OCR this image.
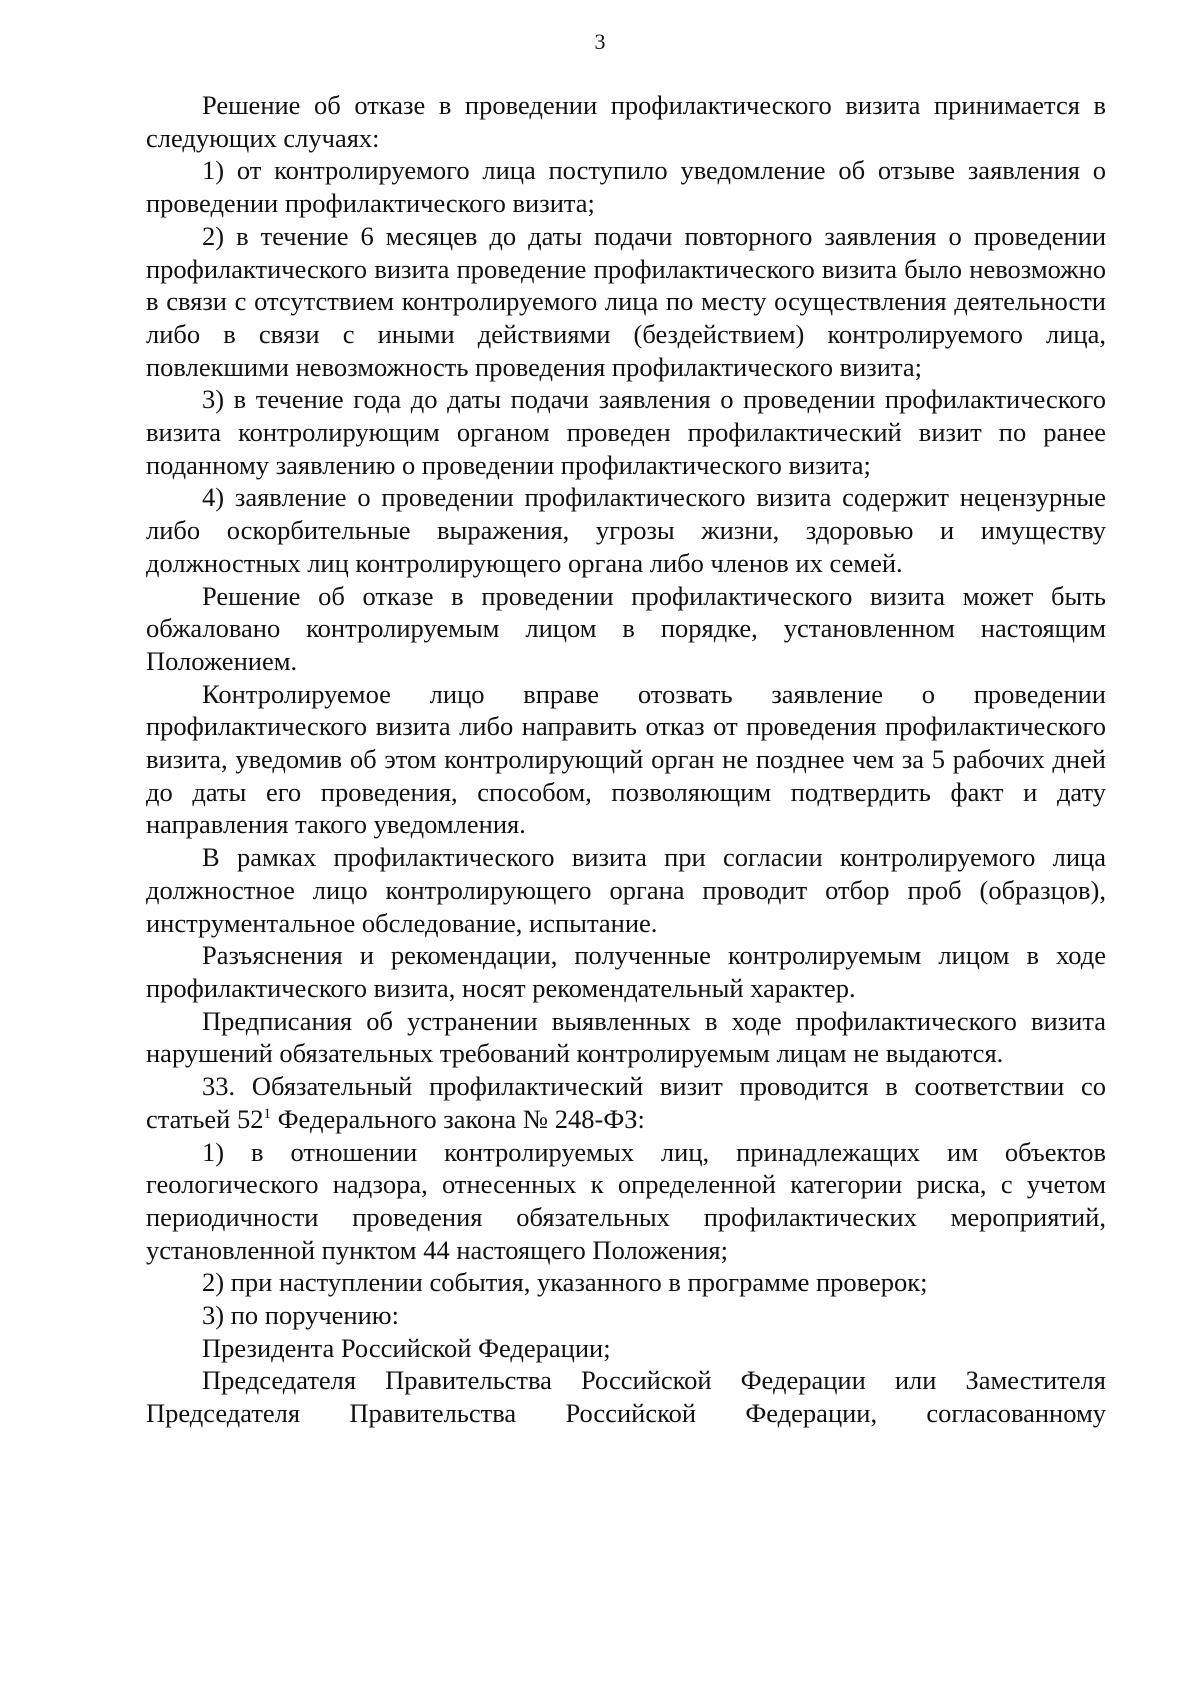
3

Решение об отказе в проведении профилактического визита принимается в следующих случаях:

1) от контролируемого лица поступило уведомление об отзыве заявления о проведении профилактического визита;

2) в течение 6 месяцев до даты подачи повторного заявления о проведении профилактического визита проведение профилактического визита было невозможно в связи с отсутствием контролируемого лица по месту осуществления деятельности либо в связи с иными действиями (бездействием) контролируемого лица, повлекшими невозможность проведения профилактического визита;

3) в течение года до даты подачи заявления о проведении профилактического визита контролирующим органом проведен профилактический визит по ранее поданному заявлению о проведении профилактического визита;

4) заявление о проведении профилактического визита содержит нецензурные либо оскорбительные выражения, угрозы жизни, здоровью и имуществу должностных лиц контролирующего органа либо членов их семей.

Решение об отказе в проведении профилактического визита может быть обжаловано контролируемым лицом в порядке, установленном настоящим Положением.

Контролируемое лицо вправе отозвать заявление о проведении профилактического визита либо направить отказ от проведения профилактического визита, уведомив об этом контролирующий орган не позднее чем за 5 рабочих дней до даты его проведения, способом, позволяющим подтвердить факт и дату направления такого уведомления.

В рамках профилактического визита при согласии контролируемого лица должностное лицо контролирующего органа проводит отбор проб (образцов), инструментальное обследование, испытание.

Разъяснения и рекомендации, полученные контролируемым лицом в ходе профилактического визита, носят рекомендательный характер.

Предписания об устранении выявленных в ходе профилактического визита нарушений обязательных требований контролируемым лицам не выдаются.

33. Обязательный профилактический визит проводится в соответствии со статьей $52^1$ Федерального закона № 248-ФЗ:

1) в отношении контролируемых лиц, принадлежащих им объектов геологического надзора, отнесенных к определенной категории риска, с учетом периодичности проведения обязательных профилактических мероприятий, установленной пунктом 44 настоящего Положения;

2) при наступлении события, указанного в программе проверок;

3) по поручению:

Президента Российской Федерации;

Председателя Правительства Российской Федерации или Заместителя Председателя Правительства Российской Федерации, согласованному
